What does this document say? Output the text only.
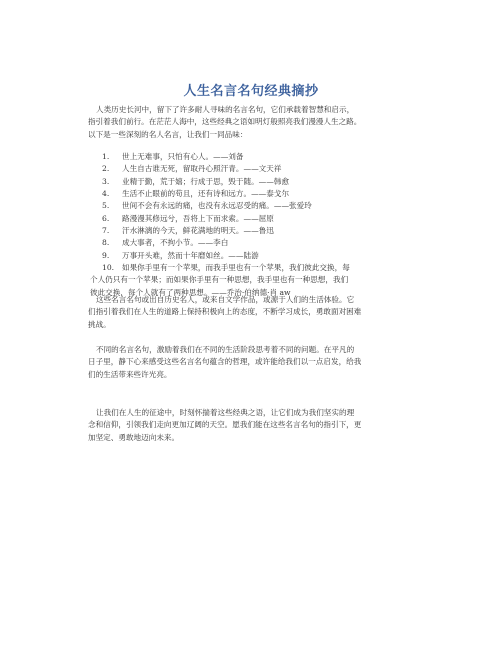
人生名言名句经典摘抄
人类历史长河中，留下了许多耐人寻味的名言名句，它们承载着智慧和启示，
指引着我们前行。在茫茫人海中，这些经典之语如明灯般照亮我们漫漫人生之路。
以下是一些深刻的名人名言，让我们一同品味：
1. 世上无难事，只怕有心人。——刘备
2. 人生自古谁无死，留取丹心照汗青。——文天祥
3. 业精于勤，荒于嬉；行成于思，毁于随。——韩愈
4. 生活不止眼前的苟且，还有诗和远方。——泰戈尔
5. 世间不会有永远的痛，也没有永远忍受的痛。——张爱玲
6. 路漫漫其修远兮，吾将上下而求索。——屈原
7. 汗水淋漓的今天，鲜花满地的明天。——鲁迅
8. 成大事者，不拘小节。——李白
9. 万事开头难，然而十年磨如丝。——陆游
10. 如果你手里有一个苹果，而我手里也有一个苹果，我们彼此交换，每
个人仍只有一个苹果；而如果你手里有一种思想，我手里也有一种思想，我们
彼此交换，每个人就有了两种思想。——乔治·伯纳德·肖 aw
这些名言名句或出自历史名人，或来自文学作品，或源于人们的生活体验。它
们指引着我们在人生的道路上保持积极向上的态度，不断学习成长，勇敢面对困难
挑战。
不同的名言名句，激励着我们在不同的生活阶段思考着不同的问题。在平凡的
日子里，静下心来感受这些名言名句蕴含的哲理，或许能给我们以一点启发，给我
们的生活带来些许光亮。
让我们在人生的征途中，时刻怀揣着这些经典之语，让它们成为我们坚实的理
念和信仰，引领我们走向更加辽阔的天空。愿我们能在这些名言名句的指引下，更
加坚定、勇敢地迈向未来。
